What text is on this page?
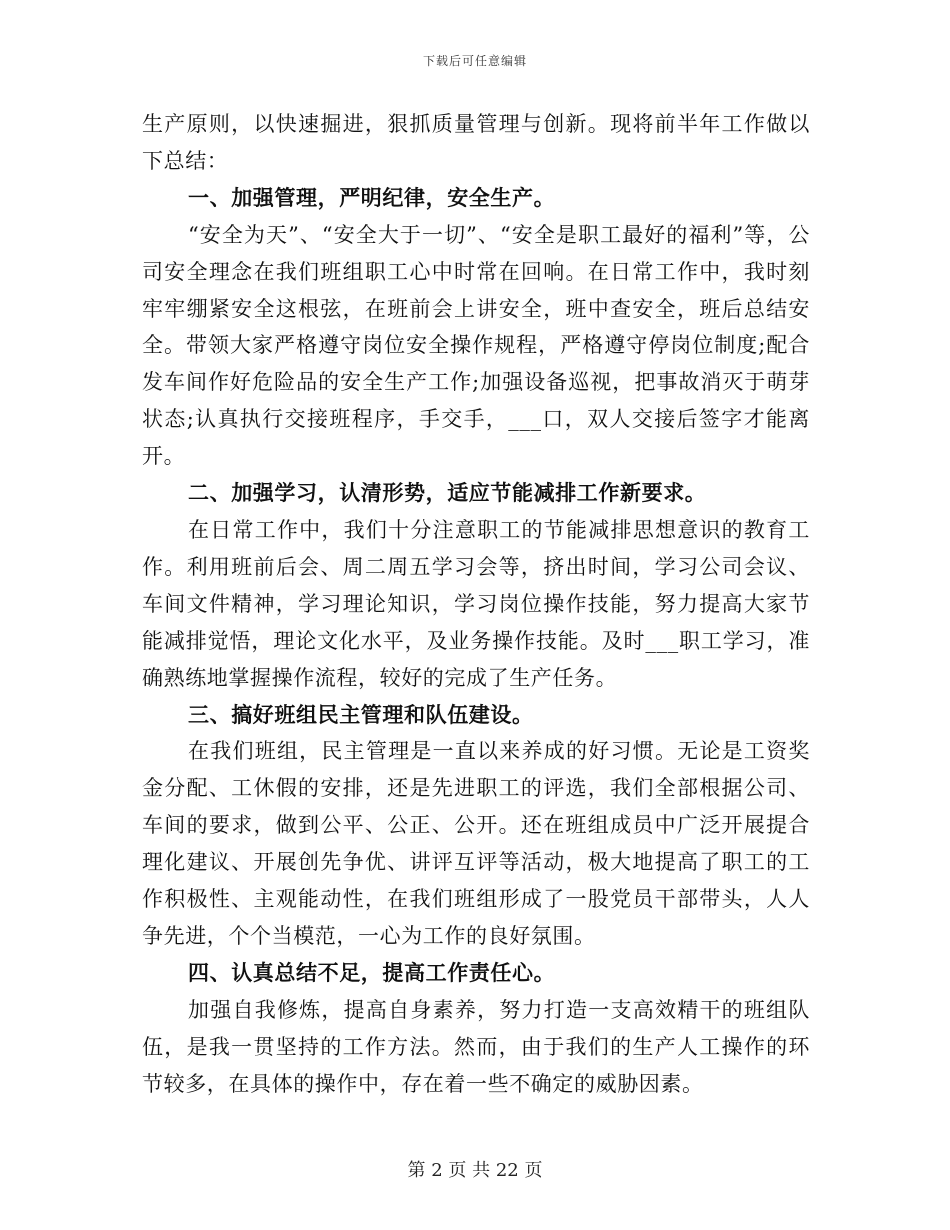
下载后可任意编辑

生产原则，以快速掘进，狠抓质量管理与创新。现将前半年工作做以下总结：

一、加强管理，严明纪律，安全生产。

“安全为天”、“安全大于一切”、“安全是职工最好的福利”等，公司安全理念在我们班组职工心中时常在回响。在日常工作中，我时刻牢牢绷紧安全这根弦，在班前会上讲安全，班中查安全，班后总结安全。带领大家严格遵守岗位安全操作规程，严格遵守停岗位制度;配合发车间作好危险品的安全生产工作;加强设备巡视，把事故消灭于萌芽状态;认真执行交接班程序，手交手，___口，双人交接后签字才能离开。

二、加强学习，认清形势，适应节能减排工作新要求。

在日常工作中，我们十分注意职工的节能减排思想意识的教育工作。利用班前后会、周二周五学习会等，挤出时间，学习公司会议、车间文件精神，学习理论知识，学习岗位操作技能，努力提高大家节能减排觉悟，理论文化水平，及业务操作技能。及时___职工学习，准确熟练地掌握操作流程，较好的完成了生产任务。

三、搞好班组民主管理和队伍建设。

在我们班组，民主管理是一直以来养成的好习惯。无论是工资奖金分配、工休假的安排，还是先进职工的评选，我们全部根据公司、车间的要求，做到公平、公正、公开。还在班组成员中广泛开展提合理化建议、开展创先争优、讲评互评等活动，极大地提高了职工的工作积极性、主观能动性，在我们班组形成了一股党员干部带头，人人争先进，个个当模范，一心为工作的良好氛围。

四、认真总结不足，提高工作责任心。

加强自我修炼，提高自身素养，努力打造一支高效精干的班组队伍，是我一贯坚持的工作方法。然而，由于我们的生产人工操作的环节较多，在具体的操作中，存在着一些不确定的威胁因素。

第 2 页 共 22 页
